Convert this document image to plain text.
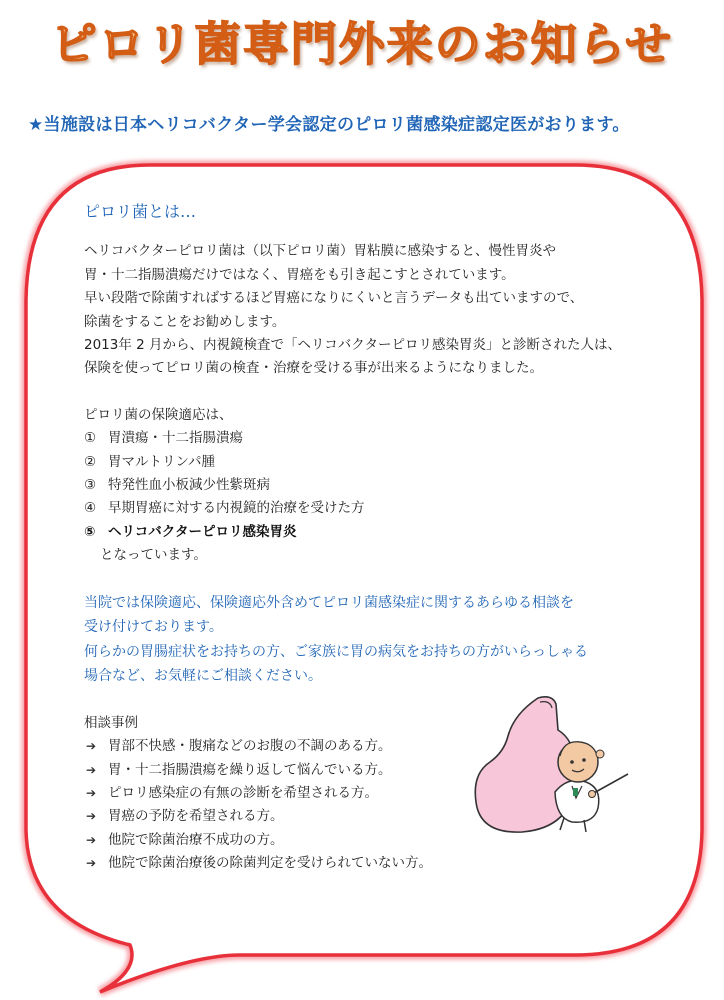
ピロリ菌専門外来のお知らせ
★当施設は日本ヘリコバクター学会認定のピロリ菌感染症認定医がおります。

ピロリ菌とは…

ヘリコバクターピロリ菌は（以下ピロリ菌）胃粘膜に感染すると、慢性胃炎や

胃・十二指腸潰瘍だけではなく、胃癌をも引き起こすとされています。

早い段階で除菌すればするほど胃癌になりにくいと言うデータも出ていますので、

除菌をすることをお勧めします。

2013年 2 月から、内視鏡検査で「ヘリコバクターピロリ感染胃炎」と診断された人は、

保険を使ってピロリ菌の検査・治療を受ける事が出来るようになりました。

ピロリ菌の保険適応は、

① 胃潰瘍・十二指腸潰瘍
② 胃マルトリンパ腫
③ 特発性血小板減少性紫斑病
④ 早期胃癌に対する内視鏡的治療を受けた方
⑤ ヘリコバクターピロリ感染胃炎

となっています。

当院では保険適応、保険適応外含めてピロリ菌感染症に関するあらゆる相談を

受け付けております。

何らかの胃腸症状をお持ちの方、ご家族に胃の病気をお持ちの方がいらっしゃる

場合など、お気軽にご相談ください。

相談事例

➔ 胃部不快感・腹痛などのお腹の不調のある方。
➔ 胃・十二指腸潰瘍を繰り返して悩んでいる方。
➔ ピロリ感染症の有無の診断を希望される方。
➔ 胃癌の予防を希望される方。
➔ 他院で除菌治療不成功の方。
➔ 他院で除菌治療後の除菌判定を受けられていない方。
